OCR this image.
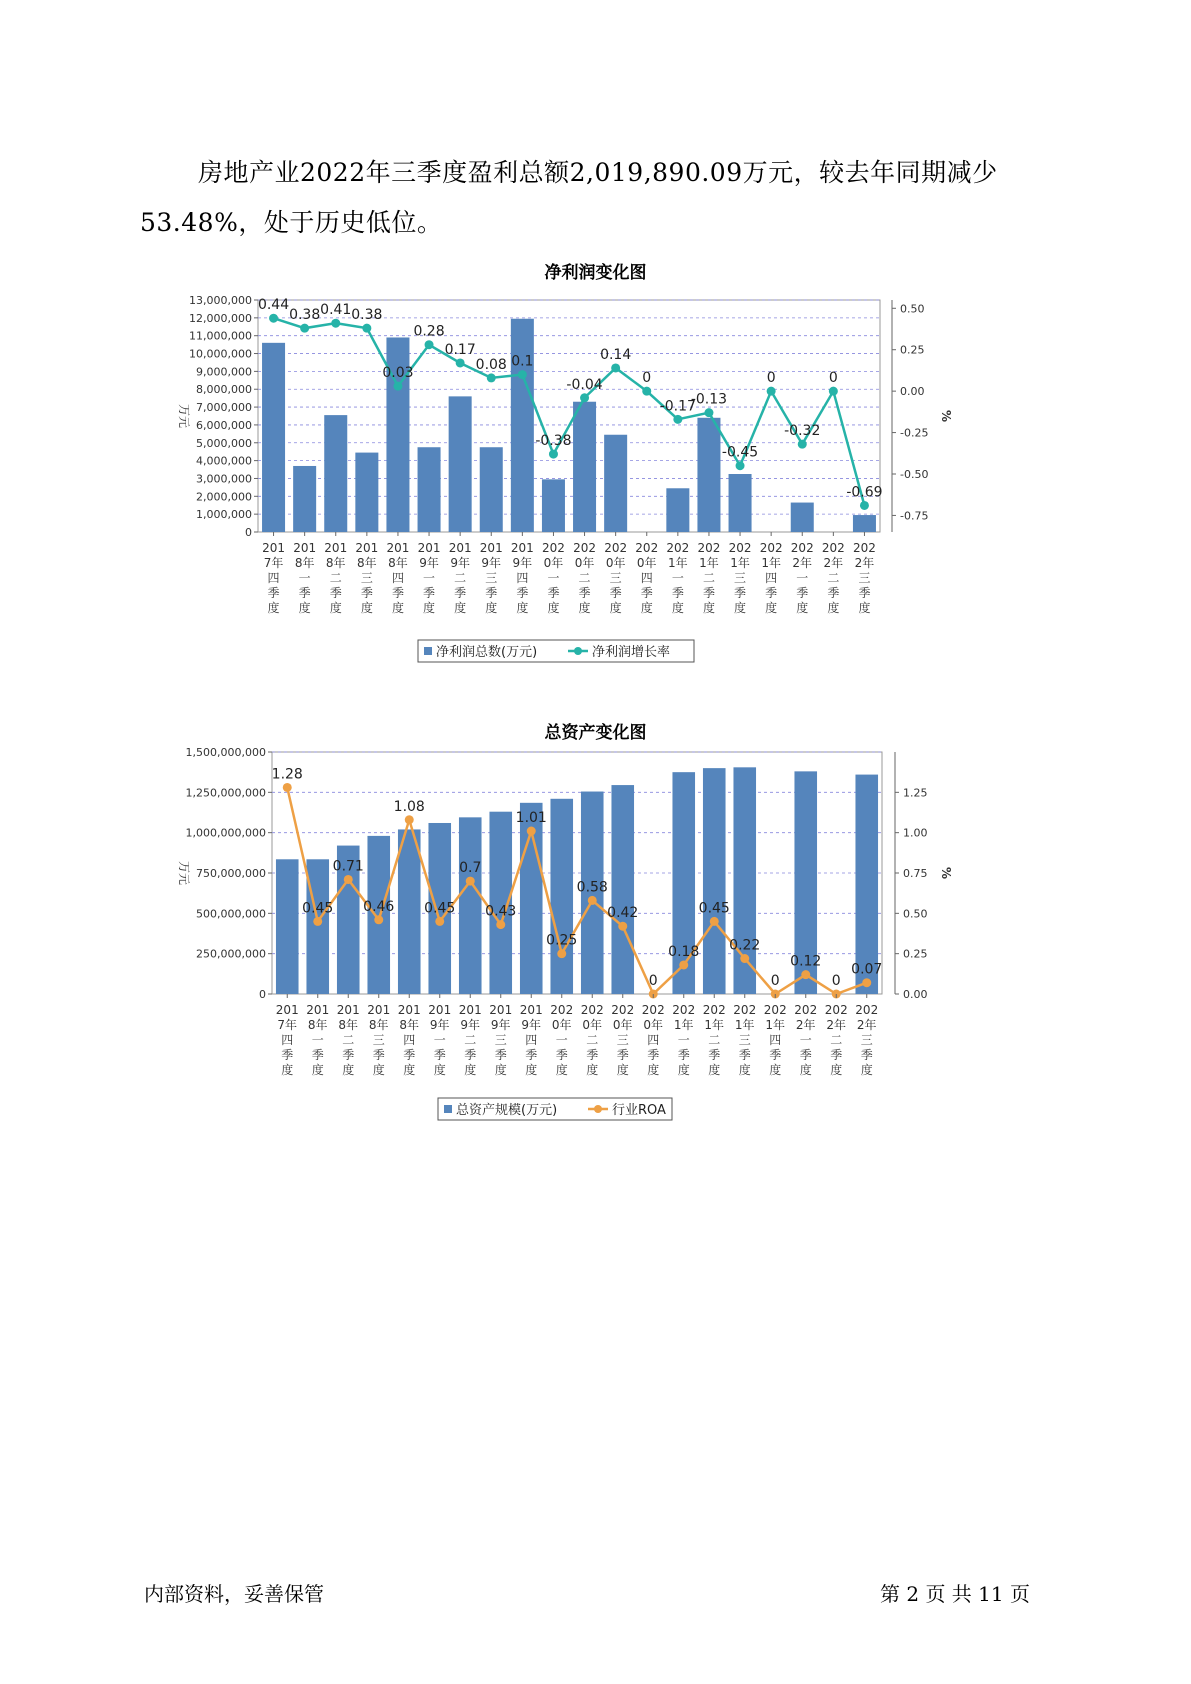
房地产业2022年三季度盈利总额2,019,890.09万元，较去年同期减少53.48%，处于历史低位。

净利润变化图
0
1,000,000
2,000,000
3,000,000
4,000,000
5,000,000
6,000,000
7,000,000
8,000,000
9,000,000
10,000,000
11,000,000
12,000,000
13,000,000
万元
-0.75
-0.50
-0.25
0.00
0.25
0.50
%
0.44
0.38 0.41 0.38
0.03
0.28
0.17
0.08 0.1
-0.38
-0.04
0.14
0
-0.17
-0.13
-0.45
0
-0.32
0
-0.69
201
7年
四
季
度
201
8年
一
季
度
201
8年
二
季
度
201
8年
三
季
度
201
8年
四
季
度
201
9年
一
季
度
201
9年
二
季
度
201
9年
三
季
度
201
9年
四
季
度
202
0年
一
季
度
202
0年
二
季
度
202
0年
三
季
度
202
0年
四
季
度
202
1年
一
季
度
202
1年
二
季
度
202
1年
三
季
度
202
1年
四
季
度
202
2年
一
季
度
202
2年
二
季
度
202
2年
三
季
度
净利润总数(万元)	净利润增长率
总资产变化图
0
250,000,000
500,000,000
750,000,000
1,000,000,000
1,250,000,000
1,500,000,000
万元
0.00
0.25
0.50
0.75
1.00
1.25
%
1.28
0.45
0.71
0.46
1.08
0.45
0.7
0.43
1.01
0.25
0.58
0.42
0
0.18
0.45
0.22
0
0.12
0
0.07
201
7年
四
季
度
201
8年
一
季
度
201
8年
二
季
度
201
8年
三
季
度
201
8年
四
季
度
201
9年
一
季
度
201
9年
二
季
度
201
9年
三
季
度
201
9年
四
季
度
202
0年
一
季
度
202
0年
二
季
度
202
0年
三
季
度
202
0年
四
季
度
202
1年
一
季
度
202
1年
二
季
度
202
1年
三
季
度
202
1年
四
季
度
202
2年
一
季
度
202
2年
二
季
度
202
2年
三
季
度
总资产规模(万元)	行业ROA
内部资料，妥善保管	第 2 页 共 11 页
